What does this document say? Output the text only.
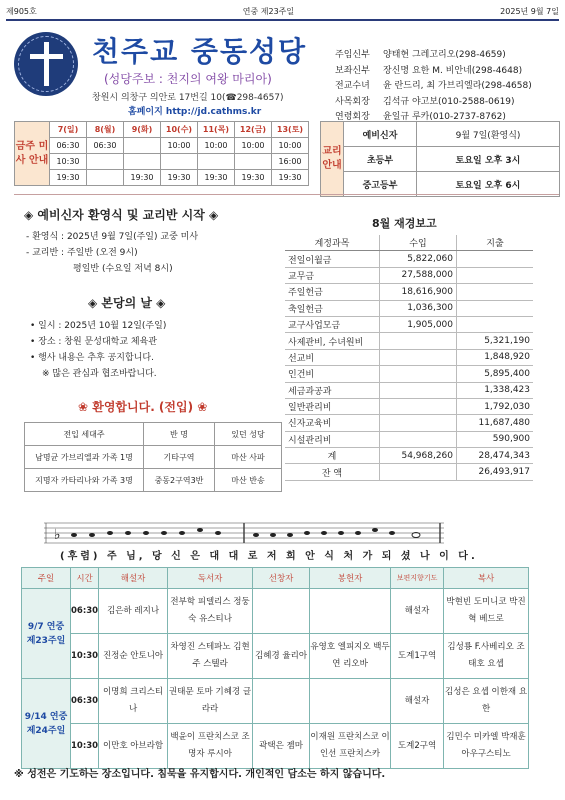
제905호	연중 제23주일	2025년 9월 7일
천주교 중동성당
(성당주보 : 천지의 여왕 마리아)
창원시 의창구 의안로 17번길 10(☎298-4657)
홈페이지 http://jd.cathms.kr
주임신부	양태현 그레고리오(298-4659)
보좌신부	장신명 요한 M. 비안네(298-4648)
전교수녀	윤 란드리, 최 가브리엘라(298-4658)
사목회장	김석규 야고보(010-2588-0619)
연령회장	윤일규 루카(010-2737-8762)
금주 미사 안내	7(일)	8(월)	9(화)	10(수)	11(목)	12(금)	13(토)
	06:30	06:30		10:00	10:00	10:00	10:00
	10:30						16:00
	19:30		19:30	19:30	19:30	19:30	19:30
교리 안내	예비신자	9월 7일(환영식)
	초등부	토요일 오후 3시
	중고등부	토요일 오후 6시
◈ 예비신자 환영식 및 교리반 시작 ◈
- 환영식 : 2025년 9월 7일(주일) 교중 미사
- 교리반 : 주일반 (오전 9시)
평일반 (수요일 저녁 8시)
◈ 본당의 날 ◈
• 일시 : 2025년 10월 12일(주일)
• 장소 : 창원 문성대학교 체육관
• 행사 내용은 추후 공지합니다.
※ 많은 관심과 협조바랍니다.
❀ 환영합니다. (전입) ❀
전입 세대주	반 명	있던 성당
남명균 가브리엘과 가족 1명	기타구역	마산 사파
지명자 카타리나와 가족 3명	중동2구역3반	마산 반송
8월 재경보고
계정과목	수입	지출
전일이월금	5,822,060	
교무금	27,588,000	
주일헌금	18,616,900	
축일헌금	1,036,300	
교구사업모금	1,905,000	
사제관비, 수녀원비		5,321,190
선교비		1,848,920
인건비		5,895,400
세금과공과		1,338,423
일반관리비		1,792,030
신자교육비		11,687,480
시설관리비		590,900
계	54,968,260	28,474,343
잔 액		26,493,917
♭
(후렴) 주 님, 당 신 은 대 대 로 저 희 안 식 처 가 되 셨 나 이 다.
주일	시간	해설자	독서자	선창자	봉헌자	보편지향기도	복사
9/7 연중 제23주일	06:30	김은하 레지나	전부학 피델리스 정둥숙 유스티나			해설자	박현빈 도미니코 박진혁 베드로
	10:30	진정순 안토니아	차영진 스테파노 김현주 스텔라	김혜경 율리아	유영호 엘피지오 백두연 리오바	도계1구역	김성룡 F.사베리오 조태호 요셉
9/14 연중 제24주일	06:30	이명희 크리스티나	권태문 토마 기혜경 글라라			해설자	김성은 요셉 이한재 요한
	10:30	이만호 아브라함	백윤이 프란치스코 조명자 루시아	곽택은 젬마	이재원 프란치스코 이인선 프란치스카	도계2구역	김민수 미카엘 박재훈 아우구스티노
※ 성전은 기도하는 장소입니다. 침묵을 유지합시다. 개인적인 담소는 하지 않습니다.
